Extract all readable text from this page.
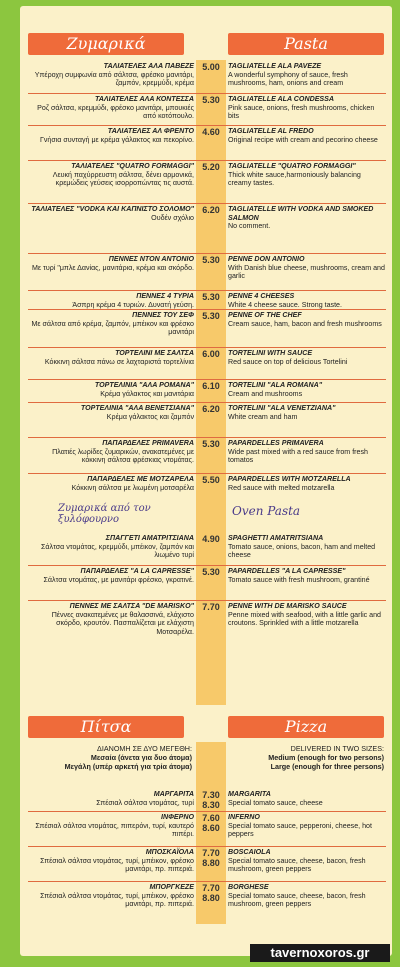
Ζυμαρικά	Pasta
ΤΑΛΙΑΤΕΛΕΣ ΑΛΑ ΠΑΒΕΖΕ
Υπέροχη συμφωνία από σάλτσα, φρέσκο μανιτάρι, ζαμπόν, κρεμμύδι, κρέμα
5.00	TAGLIATELLE ALA PAVEZE
A wonderful symphony of sauce, fresh mushrooms, ham, onions and cream
ΤΑΛΙΑΤΕΛΕΣ ΑΛΑ ΚΟΝΤΕΣΣΑ
Ροζ σάλτσα, κρεμμύδι, φρέσκο μανιτάρι, μπουκιές από κοτόπουλο.
5.30	TAGLIATELLE ALA CONDESSA
Pink sauce, onions, fresh mushrooms, chicken bits
ΤΑΛΙΑΤΕΛΕΣ ΑΛ ΦΡΕΝΤΟ
Γνήσια συνταγή με κρέμα γάλακτος και πεκορίνο.
4.60	TAGLIATELLE AL FREDO
Original recipe with cream and pecorino cheese
ΤΑΛΙΑΤΕΛΕΣ "QUATRO FORMAGGI"
Λευκή παχύρρευστη σάλτσα, δένει αρμονικά, κρεμώδεις γεύσεις ισορροπώντας τις αυστά.
5.20	TAGLIATELLE "QUATRO FORMAGGI"
Thick white sauce,harmoniously balancing creamy tastes.
ΤΑΛΙΑΤΕΛΕΣ "VODKA ΚΑΙ ΚΑΠΝΙΣΤΟ ΣΟΛΟΜΟ"
Ουδέν σχόλιο
6.20	TAGLIATELLE WITH VODKA AND SMOKED SALMON
No comment.
ΠΕΝΝΕΣ ΝΤΟΝ ΑΝΤΟΝΙΟ
Με τυρί "μπλε Δανίας, μανιτάρια, κρέμα και σκόρδο.
5.30	PENNE DON ANTONIO
With Danish blue cheese, mushrooms, cream and garlic
ΠΕΝΝΕΣ 4 ΤΥΡΙΑ
Άσπρη κρέμα 4 τυριών. Δυνατή γεύση.
5.30	PENNE 4 CHEESES
White 4 cheese sauce. Strong taste.
ΠΕΝΝΕΣ ΤΟΥ ΣΕΦ
Με σάλτσα από κρέμα, ζαμπόν, μπέικον και φρέσκο μανιτάρι
5.30	PENNE OF THE CHEF
Cream sauce, ham, bacon and fresh mushrooms
ΤΟΡΤΕΛΙΝΙ ΜΕ ΣΑΛΤΣΑ
Κόκκινη σάλτσα πάνω σε λαχταριστά τορτελίνια
6.00	TORTELINI WITH SAUCE
Red sauce on top of delicious Tortelini
ΤΟΡΤΕΛΙΝΙΑ "ΑΛΑ ΡΟΜΑΝΑ"
Κρέμα γάλακτος και μανιτάρια
6.10	TORTELINI "ALA ROMANA"
Cream and mushrooms
ΤΟΡΤΕΛΙΝΙΑ "ΑΛΑ ΒΕΝΕΤΣΙΑΝΑ"
Κρέμα γάλακτος και ζαμπόν
6.20	TORTELINI "ALA VENETZIANA"
White cream and ham
ΠΑΠΑΡΔΕΛΕΣ PRIMAVERA
Πλατιές λωρίδες ζυμαρικών, ανακατεμένες με κόκκινη σάλτσα φρέσκιας ντομάτας.
5.30	PAPARDELLES PRIMAVERA
Wide past mixed with a red sauce from fresh tomatos
ΠΑΠΑΡΔΕΛΕΣ ΜΕ ΜΟΤΖΑΡΕΛΑ
Κόκκινη σάλτσα με λιωμένη μοτσαρέλα
5.50	PAPARDELLES WITH MOTZARELLA
Red sauce with melted motzarella
Ζυμαρικά από τον ξυλόφουρνο
Oven Pasta
ΣΠΑΓΓΕΤΙ ΑΜΑΤΡΙΤΣΙΑΝΑ
Σάλτσα ντομάτας, κρεμμύδι, μπέικον, ζαμπόν και λιωμένο τυρί
4.90	SPAGHETTI AMATRITSIANA
Tomato sauce, onions, bacon, ham and melted cheese
ΠΑΠΑΡΔΕΛΕΣ "A LA CAPRESSE"
Σάλτσα ντομάτας, με μανιτάρι φρέσκο, γκρατινέ.
5.30	PAPARDELLES "A LA CAPRESSE"
Tomato sauce with fresh mushroom, grantiné
ΠΕΝΝΕΣ ΜΕ ΣΑΛΤΣΑ "DE MARISKO"
Πέννες ανακατεμένες με θαλασσινά, ελάχιστο σκόρδο, κρουτόν. Πασπαλίζεται με ελάχιστη Μοτσαρέλα.
7.70	PENNE WITH DE MARISKO SAUCE
Penne mixed with seafood, with a little garlic and croutons. Sprinkled with a little motzarella
Πίτσα	Pizza
ΔΙΑΝΟΜΗ ΣΕ ΔΥΟ ΜΕΓΕΘΗ:
Μεσαία (άνετα για δυο άτομα)
Μεγάλη (υπέρ αρκετή για τρία άτομα)
DELIVERED IN TWO SIZES:
Medium (enough for two persons)
Large (enough for three persons)
ΜΑΡΓΑΡΙΤΑ
Σπέσιαλ σάλτσα ντομάτας, τυρί
7.30
8.30
MARGARITA
Special tomato sauce, cheese
ΙΝΦΕΡΝΟ
Σπέσιαλ σάλτσα ντομάτας, πιπερόνι, τυρί, καυτερό πιπέρι.
7.60
8.60
INFERNO
Special tomato sauce, pepperoni, cheese, hot peppers
ΜΠΟΣΚΑΪΟΛΑ
Σπέσιαλ σάλτσα ντομάτας, τυρί, μπέικον, φρέσκο μανιτάρι, πρ. πιπεριά.
7.70
8.80
BOSCAIOLA
Special tomato sauce, cheese, bacon, fresh mushroom, green peppers
ΜΠΟΡΓΚΕΖΕ
Σπέσιαλ σάλτσα ντομάτας, τυρί, μπέικον, φρέσκο μανιτάρι, πρ. πιπεριά.
7.70
8.80
BORGHESE
Special tomato sauce, cheese, bacon, fresh mushroom, green peppers
tavernoxoros.gr
